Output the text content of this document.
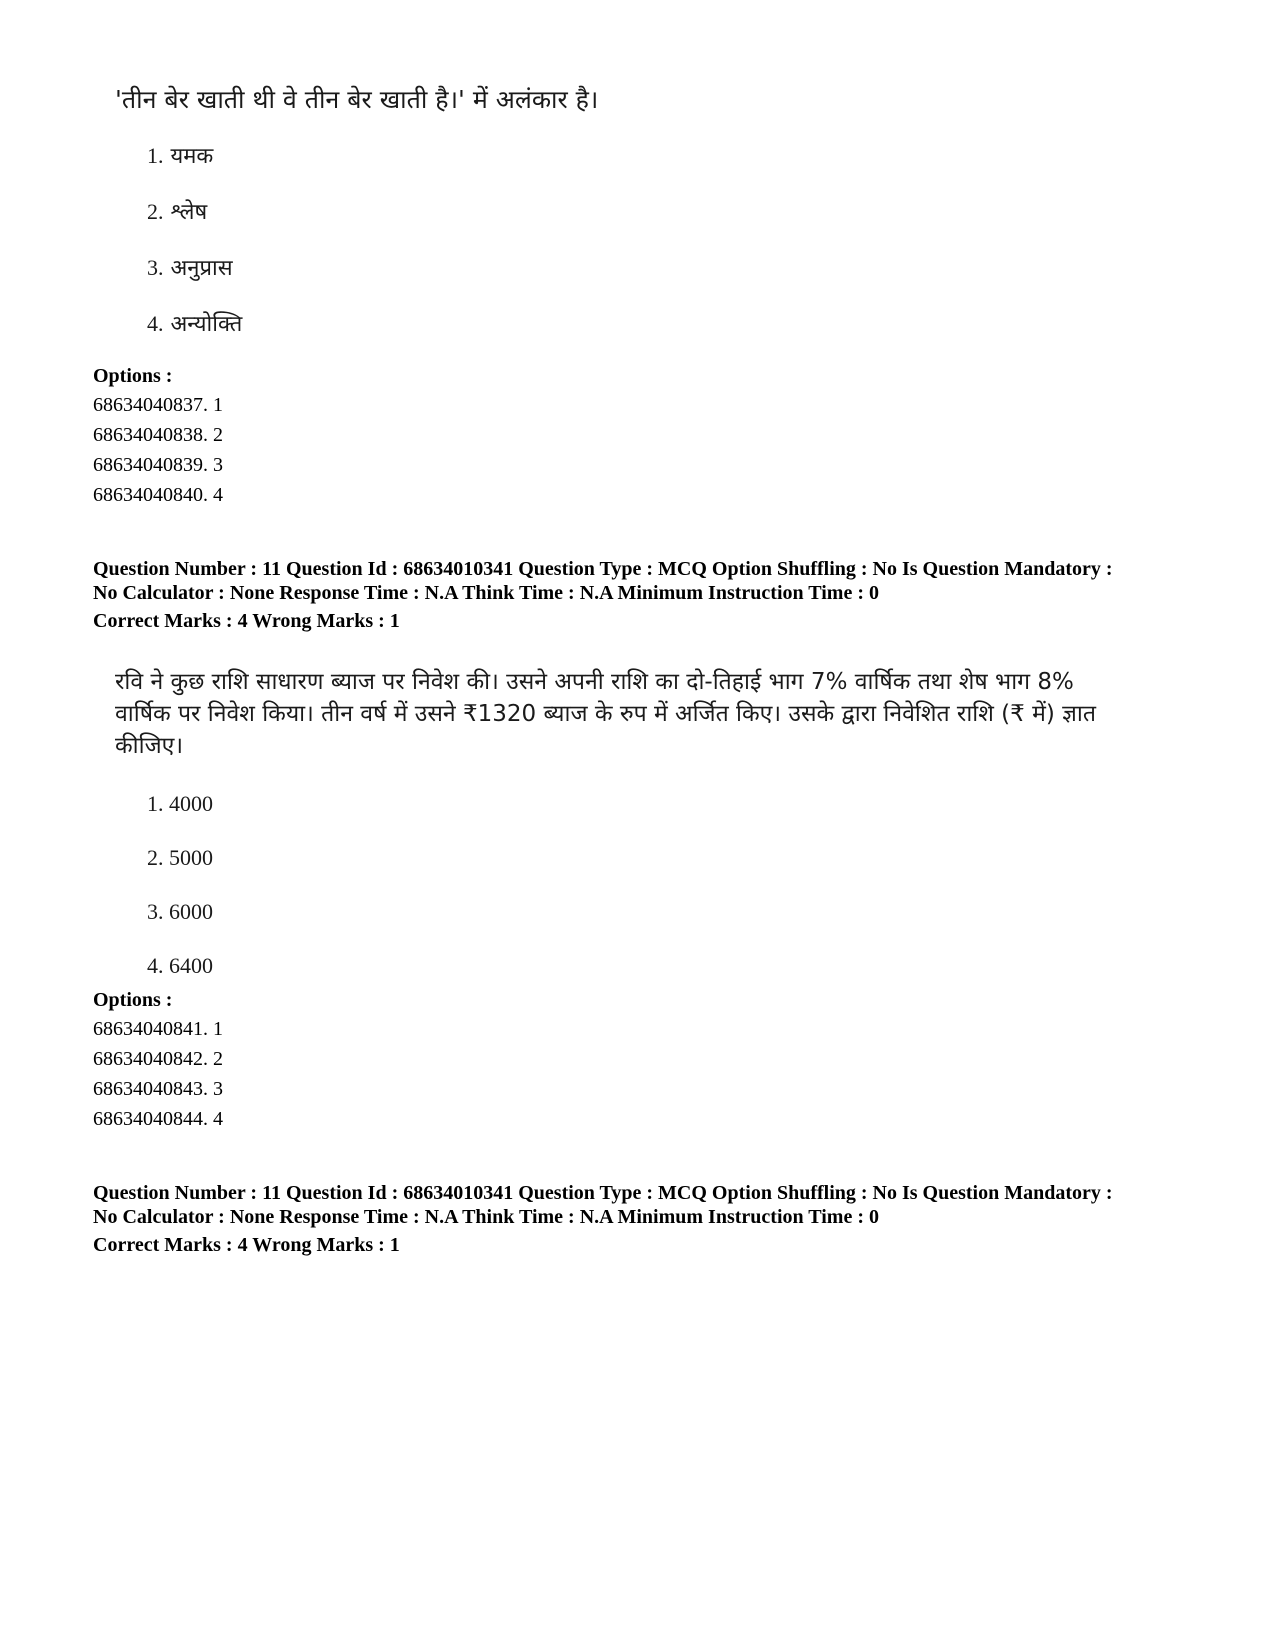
'तीन बेर खाती थी वे तीन बेर खाती है।' में अलंकार है।

1. यमक
2. श्लेष
3. अनुप्रास
4. अन्योक्ति
Options :
68634040837. 1
68634040838. 2
68634040839. 3
68634040840. 4
Question Number : 11 Question Id : 68634010341 Question Type : MCQ Option Shuffling : No Is Question Mandatory :
No Calculator : None Response Time : N.A Think Time : N.A Minimum Instruction Time : 0
Correct Marks : 4 Wrong Marks : 1

रवि ने कुछ राशि साधारण ब्याज पर निवेश की। उसने अपनी राशि का दो-तिहाई भाग 7% वार्षिक तथा शेष भाग 8%

वार्षिक पर निवेश किया। तीन वर्ष में उसने ₹1320 ब्याज के रुप में अर्जित किए। उसके द्वारा निवेशित राशि (₹ में) ज्ञात

कीजिए।

1. 4000
2. 5000
3. 6000
4. 6400
Options :
68634040841. 1
68634040842. 2
68634040843. 3
68634040844. 4
Question Number : 11 Question Id : 68634010341 Question Type : MCQ Option Shuffling : No Is Question Mandatory :
No Calculator : None Response Time : N.A Think Time : N.A Minimum Instruction Time : 0
Correct Marks : 4 Wrong Marks : 1
